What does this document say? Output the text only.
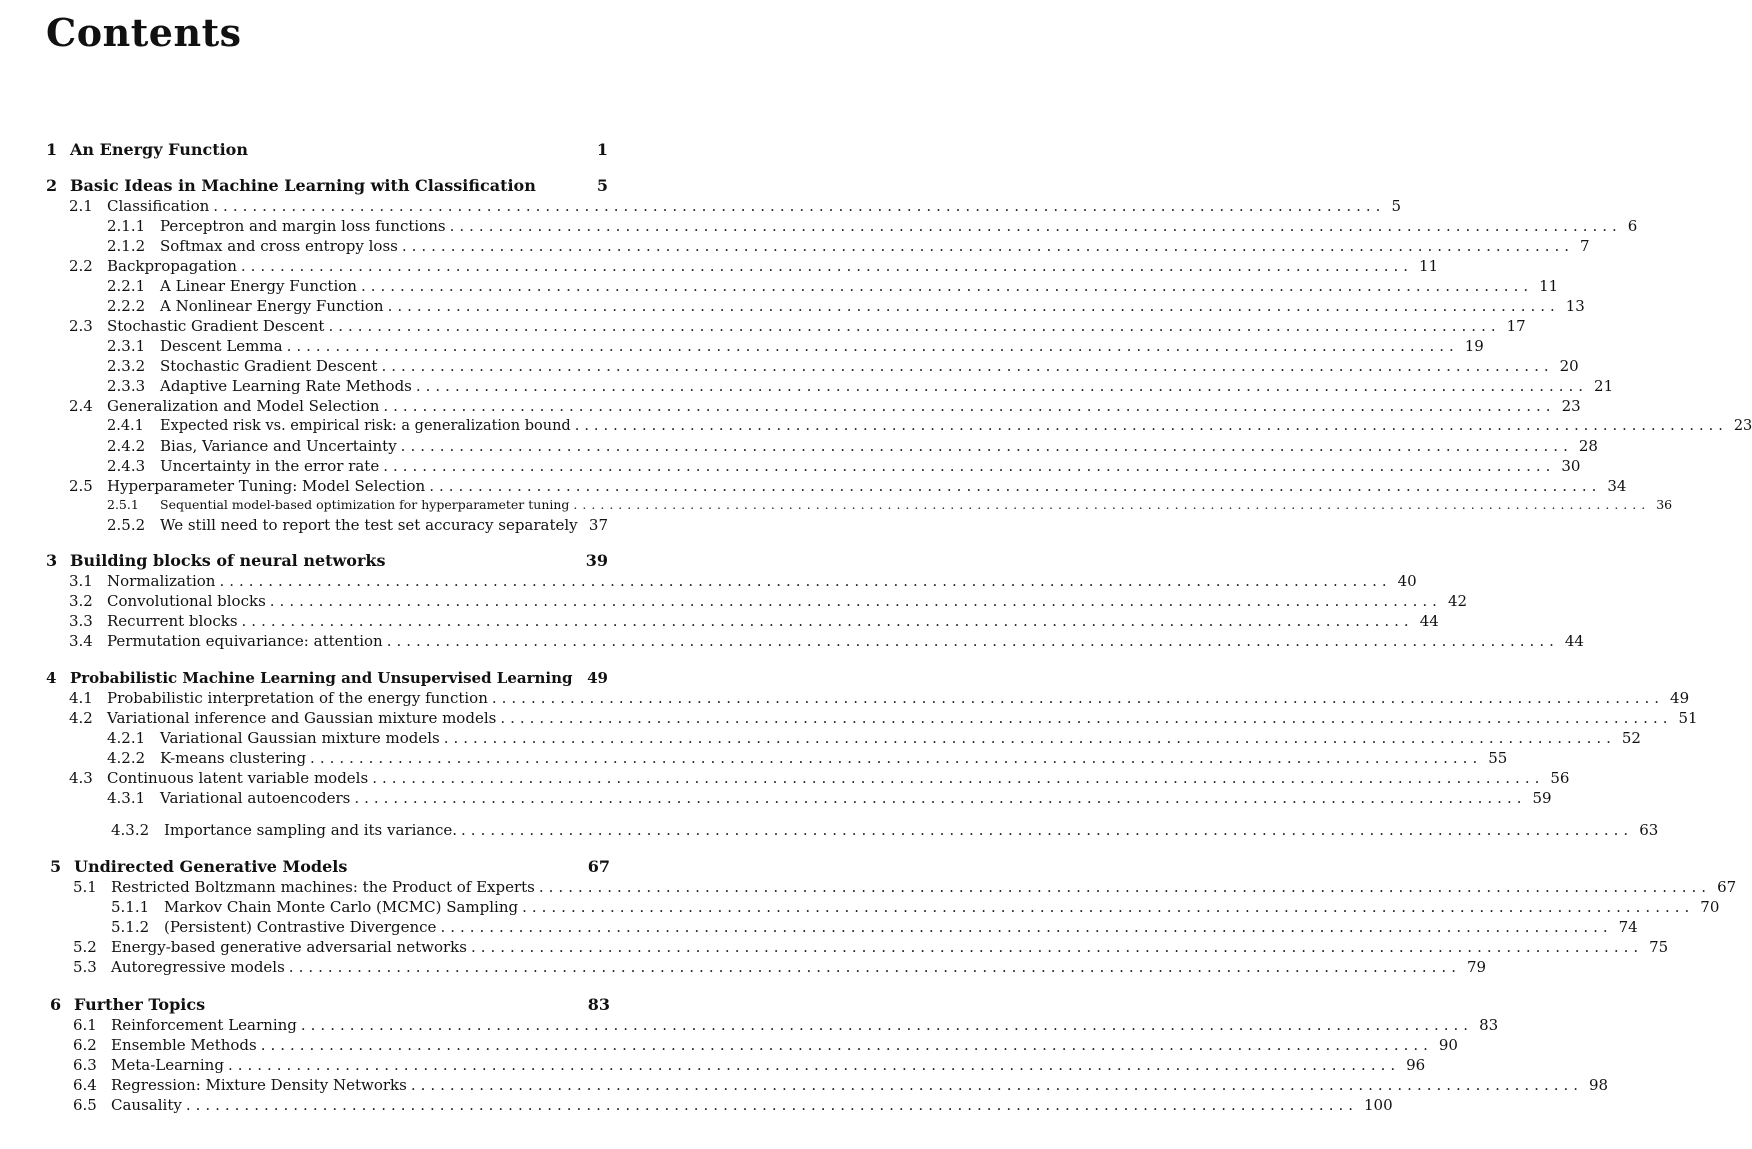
Contents
1 An Energy Function	1
2 Basic Ideas in Machine Learning with Classification	5
2.1 Classification ........................................................................................................................ 5
2.1.1 Perceptron and margin loss functions ........................................................................................................................ 6
2.1.2 Softmax and cross entropy loss ........................................................................................................................ 7
2.2 Backpropagation ........................................................................................................................ 11
2.2.1 A Linear Energy Function ........................................................................................................................ 11
2.2.2 A Nonlinear Energy Function ........................................................................................................................ 13
2.3 Stochastic Gradient Descent ........................................................................................................................ 17
2.3.1 Descent Lemma ........................................................................................................................ 19
2.3.2 Stochastic Gradient Descent ........................................................................................................................ 20
2.3.3 Adaptive Learning Rate Methods ........................................................................................................................ 21
2.4 Generalization and Model Selection ........................................................................................................................ 23
2.4.1	Expected risk vs. empirical risk: a generalization bound ........................................................................................................................ 23
2.4.2 Bias, Variance and Uncertainty ........................................................................................................................ 28
2.4.3 Uncertainty in the error rate ........................................................................................................................ 30
2.5 Hyperparameter Tuning: Model Selection ........................................................................................................................ 34
2.5.1	Sequential model-based optimization for hyperparameter tuning ........................................................................................................................ 36
2.5.2 We still need to report the test set accuracy separately 37
3 Building blocks of neural networks	39
3.1 Normalization ........................................................................................................................ 40
3.2 Convolutional blocks ........................................................................................................................ 42
3.3 Recurrent blocks ........................................................................................................................ 44
3.4 Permutation equivariance: attention ........................................................................................................................ 44
4 Probabilistic Machine Learning and Unsupervised Learning 49
4.1 Probabilistic interpretation of the energy function ........................................................................................................................ 49
4.2 Variational inference and Gaussian mixture models ........................................................................................................................ 51
4.2.1 Variational Gaussian mixture models ........................................................................................................................ 52
4.2.2 K-means clustering ........................................................................................................................ 55
4.3 Continuous latent variable models ........................................................................................................................ 56
4.3.1 Variational autoencoders ........................................................................................................................ 59
4.3.2 Importance sampling and its variance. ........................................................................................................................ 63
5 Undirected Generative Models	67
5.1 Restricted Boltzmann machines: the Product of Experts ........................................................................................................................ 67
5.1.1 Markov Chain Monte Carlo (MCMC) Sampling ........................................................................................................................ 70
5.1.2 (Persistent) Contrastive Divergence ........................................................................................................................ 74
5.2 Energy-based generative adversarial networks ........................................................................................................................ 75
5.3 Autoregressive models ........................................................................................................................ 79
6 Further Topics	83
6.1 Reinforcement Learning ........................................................................................................................ 83
6.2 Ensemble Methods ........................................................................................................................ 90
6.3 Meta-Learning ........................................................................................................................ 96
6.4 Regression: Mixture Density Networks ........................................................................................................................ 98
6.5 Causality ........................................................................................................................ 100
